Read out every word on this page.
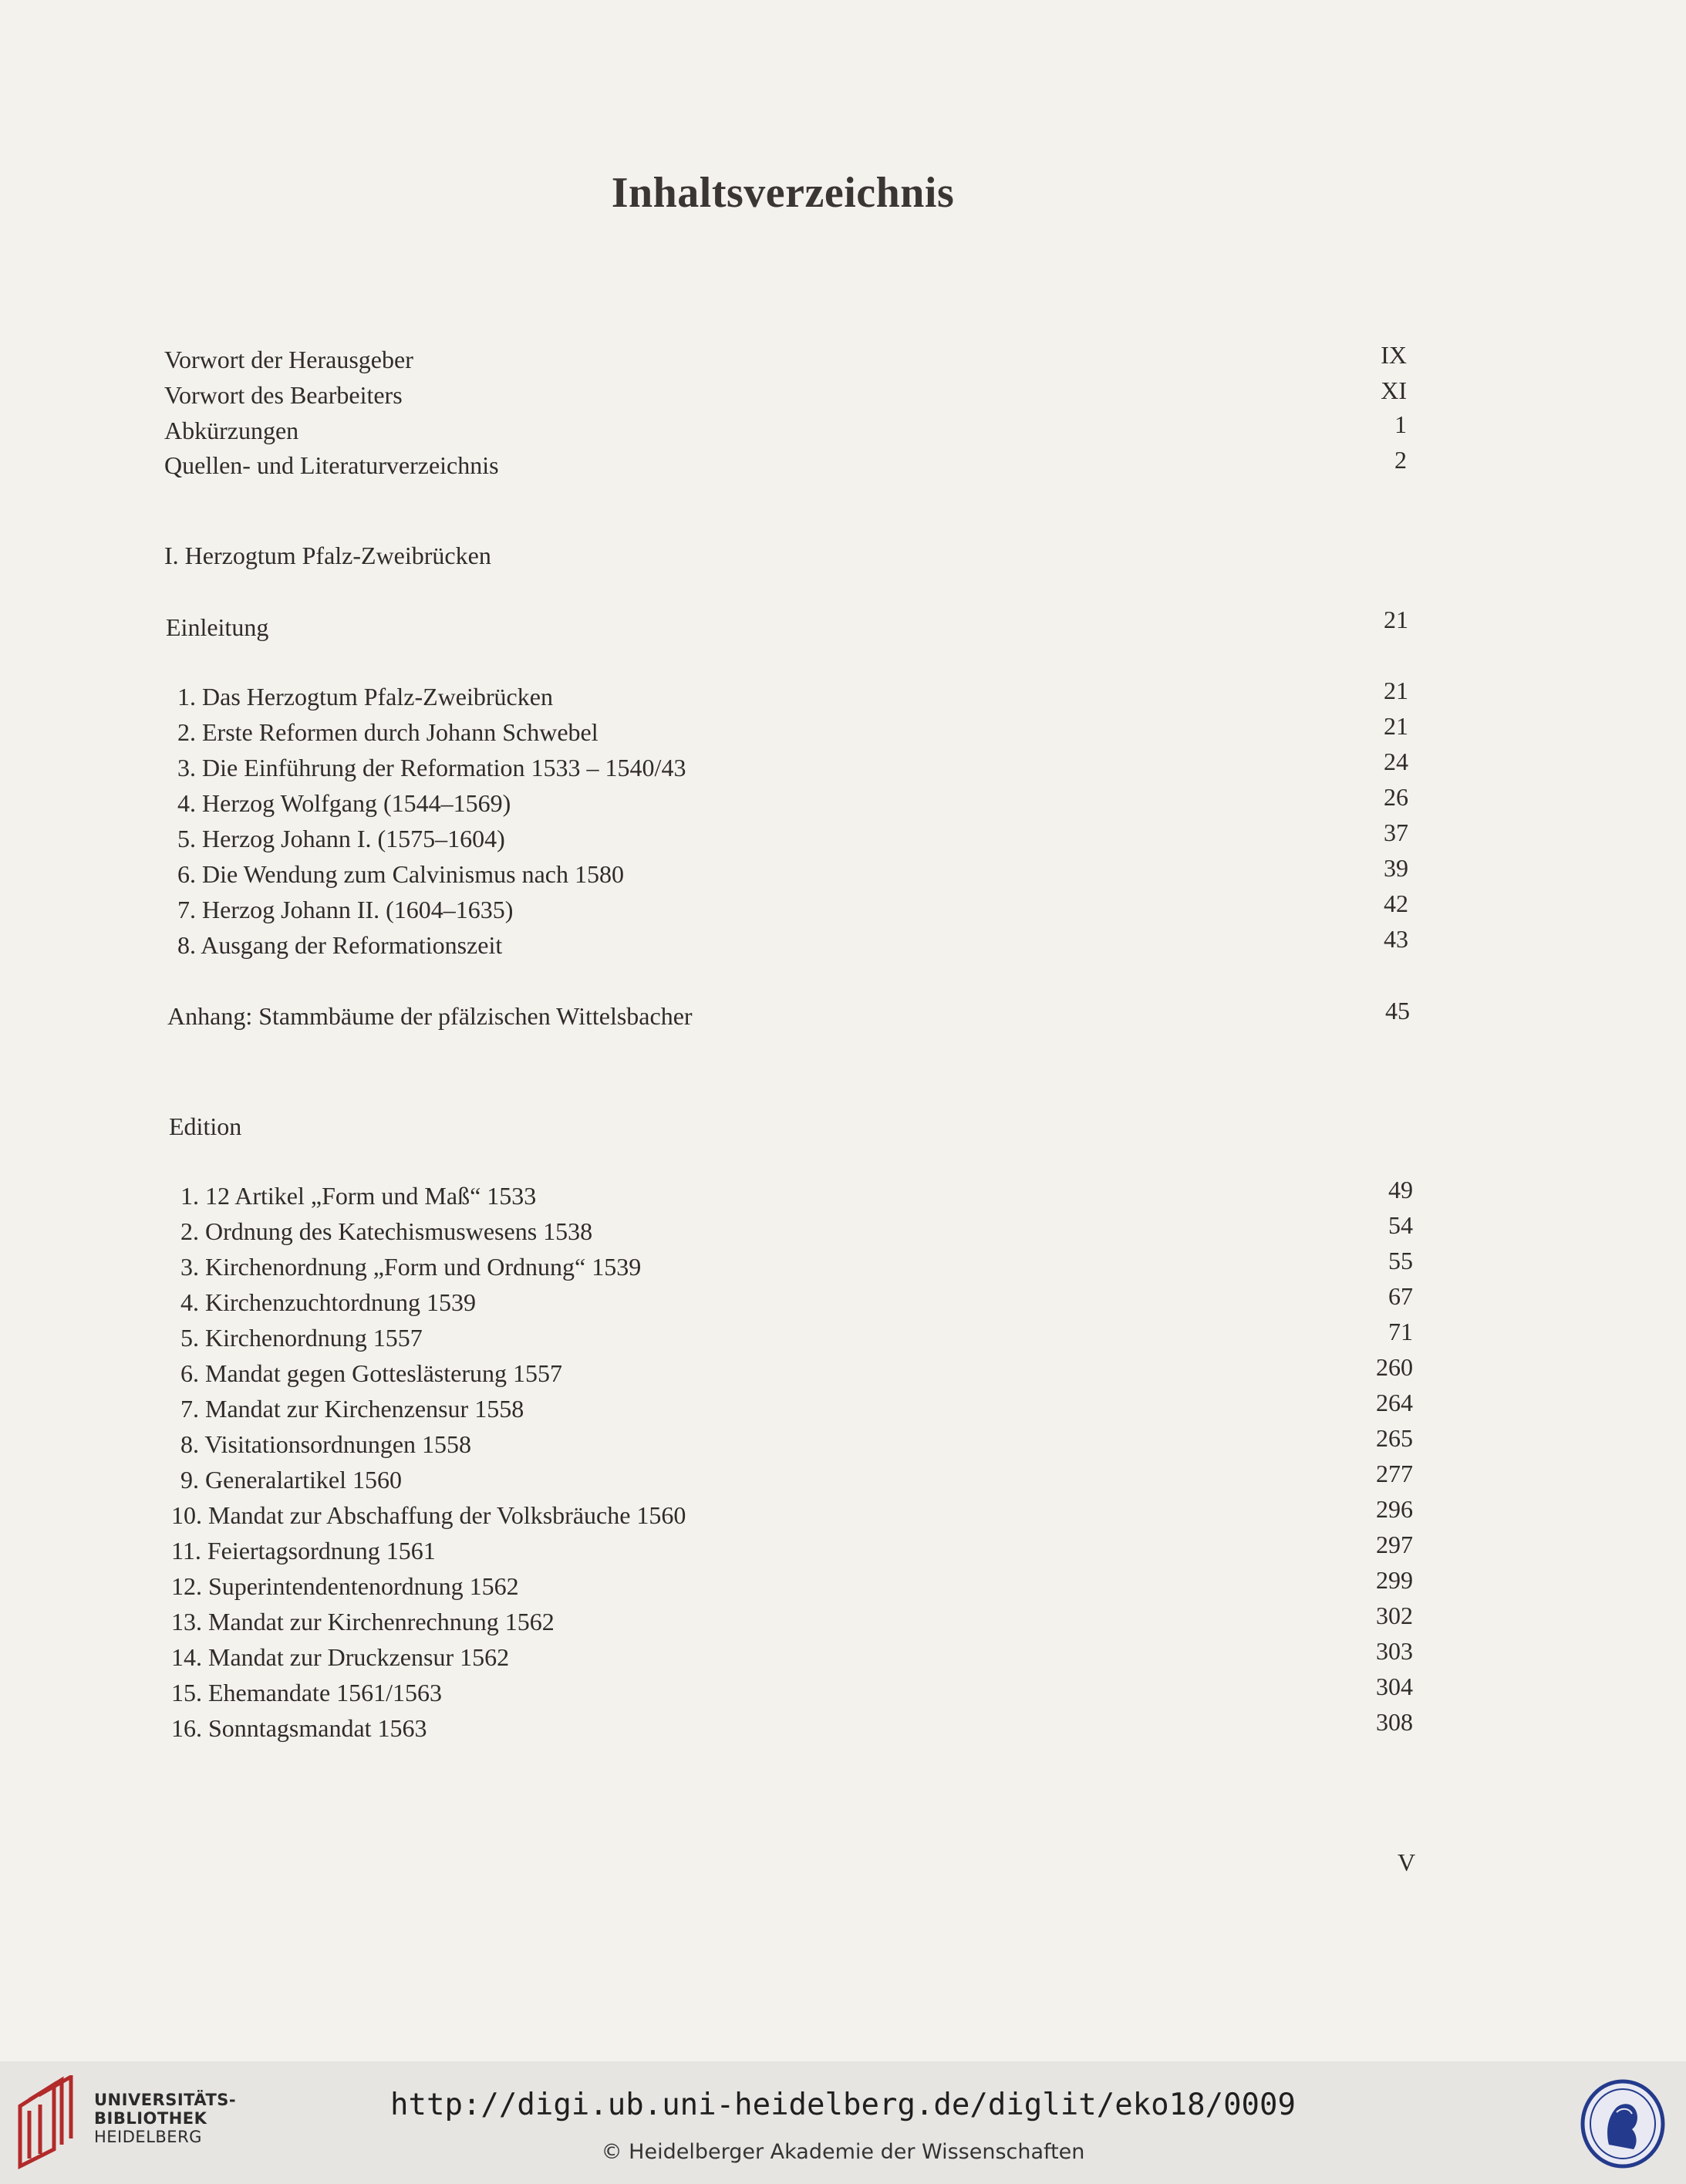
Inhaltsverzeichnis
Vorwort der Herausgeber	IX
Vorwort des Bearbeiters	XI
Abkürzungen	1
Quellen- und Literaturverzeichnis	2
I. Herzogtum Pfalz-Zweibrücken
Einleitung	21
1. Das Herzogtum Pfalz-Zweibrücken	21
2. Erste Reformen durch Johann Schwebel	21
3. Die Einführung der Reformation 1533 – 1540/43	24
4. Herzog Wolfgang (1544–1569)	26
5. Herzog Johann I. (1575–1604)	37
6. Die Wendung zum Calvinismus nach 1580	39
7. Herzog Johann II. (1604–1635)	42
8. Ausgang der Reformationszeit	43
Anhang: Stammbäume der pfälzischen Wittelsbacher	45
Edition
1. 12 Artikel „Form und Maß“ 1533	49
2. Ordnung des Katechismuswesens 1538	54
3. Kirchenordnung „Form und Ordnung“ 1539	55
4. Kirchenzuchtordnung 1539	67
5. Kirchenordnung 1557	71
6. Mandat gegen Gotteslästerung 1557	260
7. Mandat zur Kirchenzensur 1558	264
8. Visitationsordnungen 1558	265
9. Generalartikel 1560	277
10. Mandat zur Abschaffung der Volksbräuche 1560	296
11. Feiertagsordnung 1561	297
12. Superintendentenordnung 1562	299
13. Mandat zur Kirchenrechnung 1562	302
14. Mandat zur Druckzensur 1562	303
15. Ehemandate 1561/1563	304
16. Sonntagsmandat 1563	308
V
UNIVERSITÄTS-
BIBLIOTHEK
HEIDELBERG
http://digi.ub.uni-heidelberg.de/diglit/eko18/0009
© Heidelberger Akademie der Wissenschaften
